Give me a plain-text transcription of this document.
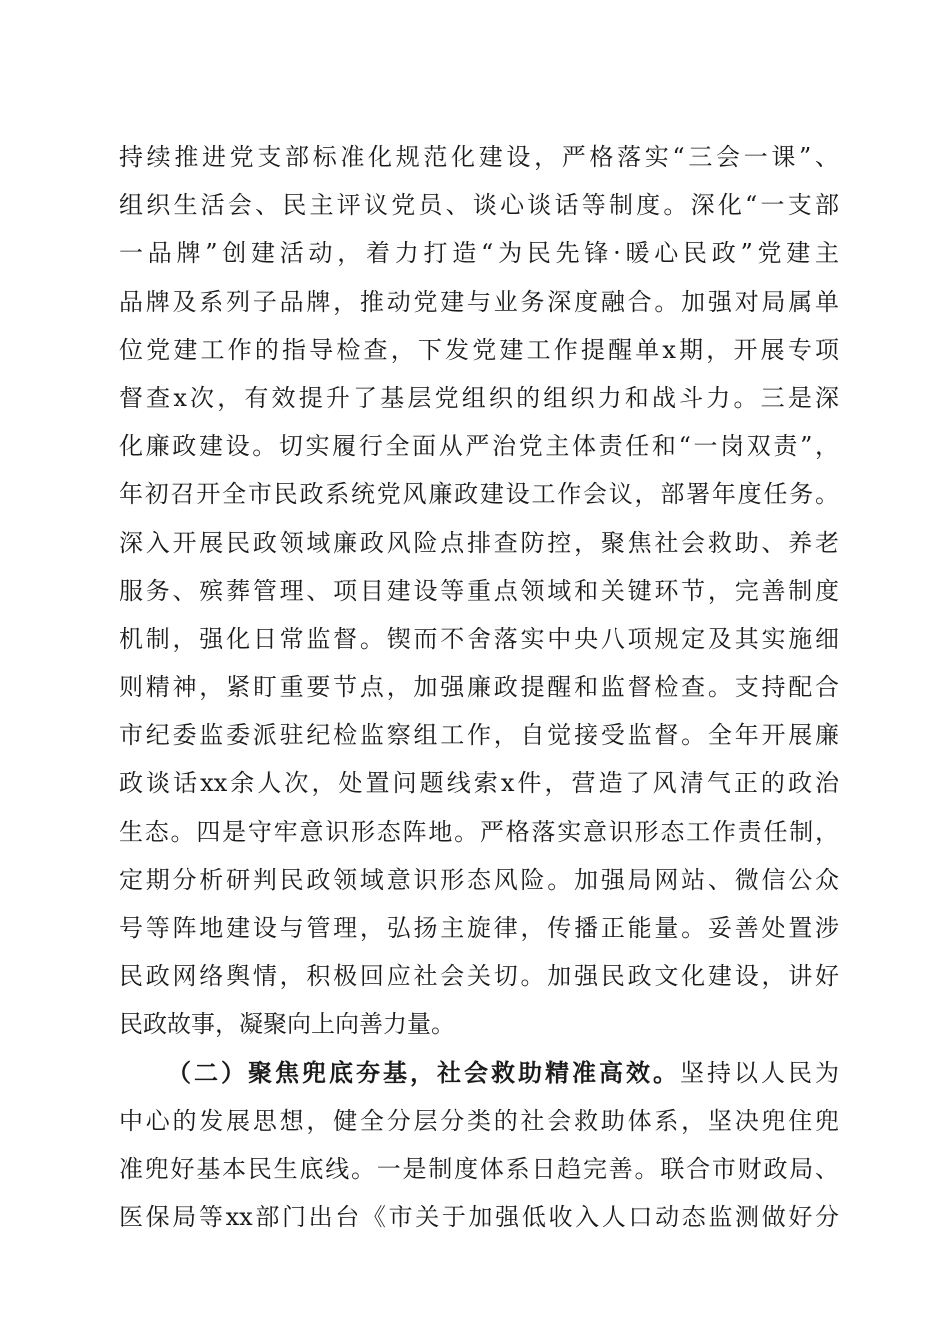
持续推进党支部标准化规范化建设，严格落实“三会一课”、
组织生活会、民主评议党员、谈心谈话等制度。深化“一支部
一品牌”创建活动，着力打造“为民先锋·暖心民政”党建主
品牌及系列子品牌，推动党建与业务深度融合。加强对局属单
位党建工作的指导检查，下发党建工作提醒单x期，开展专项
督查x次，有效提升了基层党组织的组织力和战斗力。三是深
化廉政建设。切实履行全面从严治党主体责任和“一岗双责”，
年初召开全市民政系统党风廉政建设工作会议，部署年度任务。
深入开展民政领域廉政风险点排查防控，聚焦社会救助、养老
服务、殡葬管理、项目建设等重点领域和关键环节，完善制度
机制，强化日常监督。锲而不舍落实中央八项规定及其实施细
则精神，紧盯重要节点，加强廉政提醒和监督检查。支持配合
市纪委监委派驻纪检监察组工作，自觉接受监督。全年开展廉
政谈话xx余人次，处置问题线索x件，营造了风清气正的政治
生态。四是守牢意识形态阵地。严格落实意识形态工作责任制，
定期分析研判民政领域意识形态风险。加强局网站、微信公众
号等阵地建设与管理，弘扬主旋律，传播正能量。妥善处置涉
民政网络舆情，积极回应社会关切。加强民政文化建设，讲好
民政故事，凝聚向上向善力量。
（二）聚焦兜底夯基，社会救助精准高效。坚持以人民为
中心的发展思想，健全分层分类的社会救助体系，坚决兜住兜
准兜好基本民生底线。一是制度体系日趋完善。联合市财政局、
医保局等xx部门出台《市关于加强低收入人口动态监测做好分
